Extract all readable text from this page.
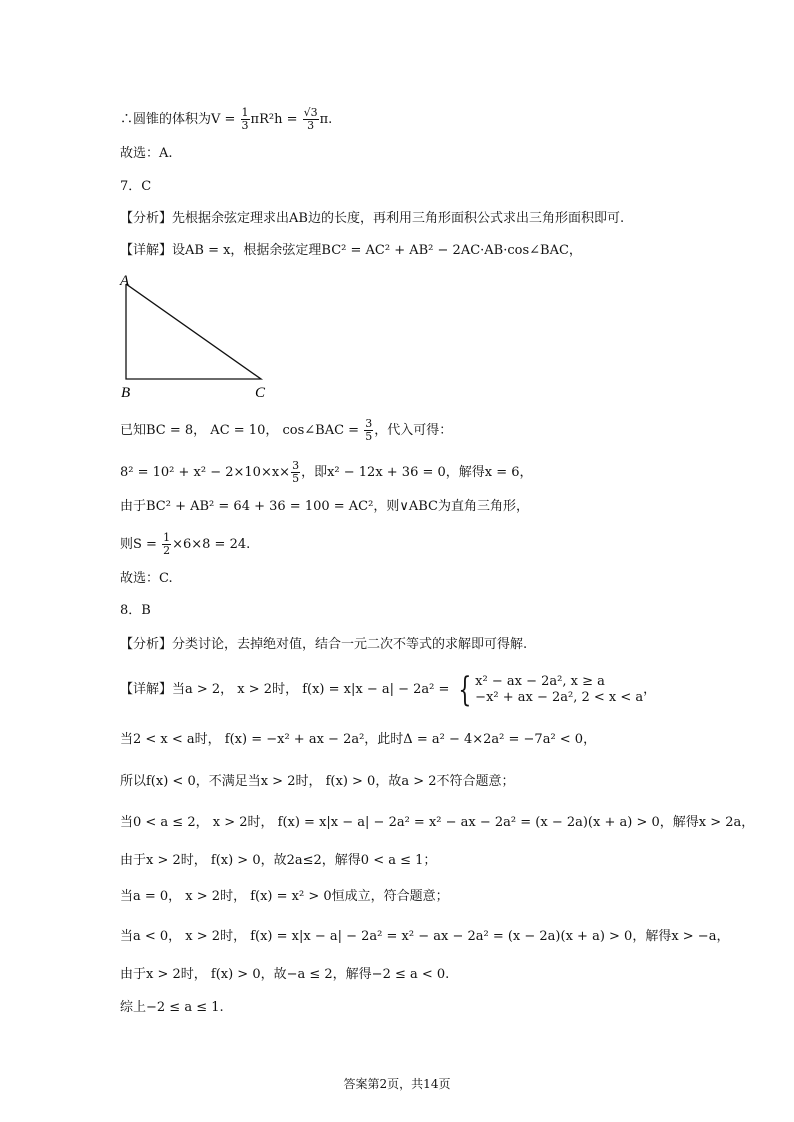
∴圆锥的体积为$V = \frac{1}{3} \pi R^2h = \frac{√3}{3} \pi$.
故选：A.
7．C
【分析】先根据余弦定理求出AB边的长度，再利用三角形面积公式求出三角形面积即可.
【详解】设AB = x，根据余弦定理BC² = AC² + AB² − 2AC·AB·cos∠BAC，
A
B	C
已知BC = 8， AC = 10， cos∠BAC = $\frac{3}{5}$ ，代入可得：
$8^2 = 10^2 + x^2 - 2\times 10\times x\times \frac{3}{5}$ ，即x² − 12x + 36 = 0，解得x = 6，
由于BC² + AB² = 64 + 36 = 100 = AC²，则∨ABC为直角三角形，
则$S = \frac{1}{2} \times 6\times 8 = 24$.
故选：C.
8．B
【分析】分类讨论，去掉绝对值，结合一元二次不等式的求解即可得解.
【详解】当a > 2， x > 2时， f(x) = x|x − a| − 2a² = { x² − ax − 2a², x ≥ a
−x² + ax − 2a², 2 < x < a ，
当2 < x < a时， f(x) = −x² + ax − 2a²，此时Δ = a² − 4×2a² = −7a² < 0，
所以f(x) < 0，不满足当x > 2时， f(x) > 0，故a > 2不符合题意；
当0 < a ≤ 2， x > 2时， f(x) = x|x − a| − 2a² = x² − ax − 2a² = (x − 2a)(x + a) > 0，解得x > 2a，
由于x > 2时， f(x) > 0，故2a≤2，解得0 < a ≤ 1；
当a = 0， x > 2时， f(x) = x² > 0恒成立，符合题意；
当a < 0， x > 2时， f(x) = x|x − a| − 2a² = x² − ax − 2a² = (x − 2a)(x + a) > 0，解得x > −a，
由于x > 2时， f(x) > 0，故−a ≤ 2，解得−2 ≤ a < 0.
综上−2 ≤ a ≤ 1.
答案第2页，共14页
